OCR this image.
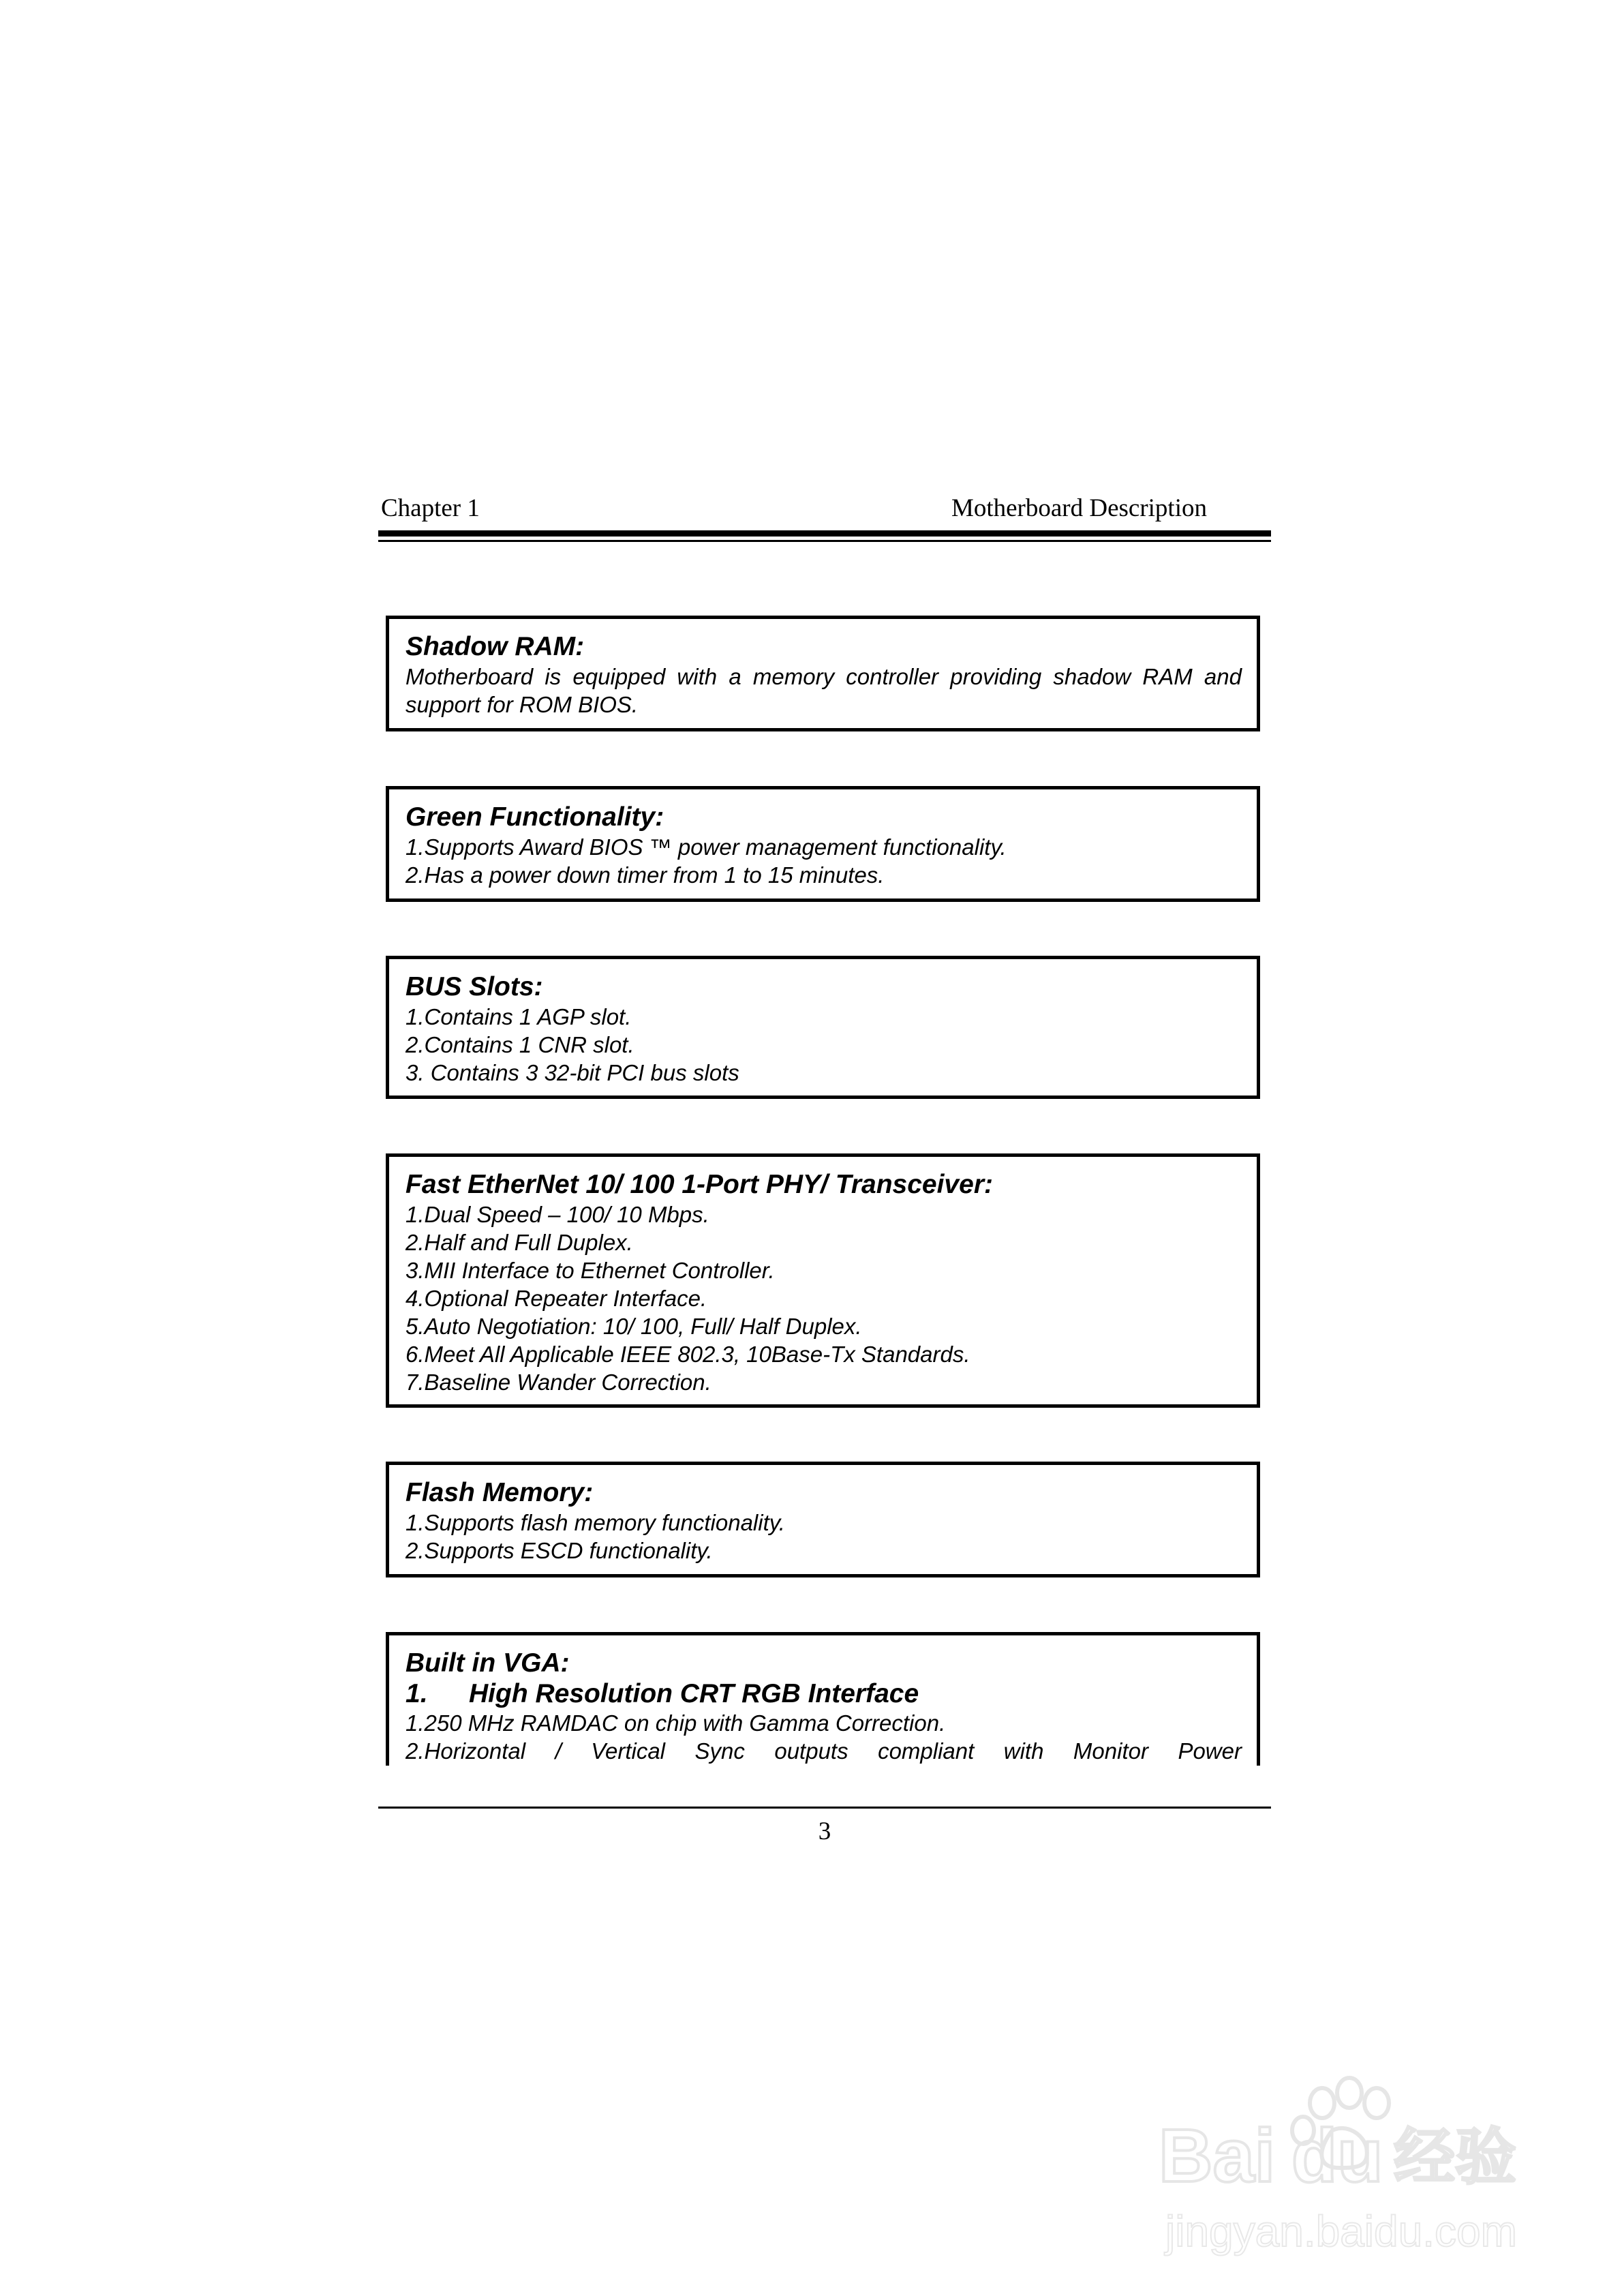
Chapter 1	Motherboard Description
Shadow RAM:
Motherboard is equipped with a memory controller providing shadow RAM and support for ROM BIOS.
Green Functionality:
1.Supports Award BIOS ™ power management functionality.
2.Has a power down timer from 1 to 15 minutes.
BUS Slots:
1.Contains 1 AGP slot.
2.Contains 1 CNR slot.
3. Contains 3 32-bit PCI bus slots
Fast EtherNet 10/ 100 1-Port PHY/ Transceiver:
1.Dual Speed – 100/ 10 Mbps.
2.Half and Full Duplex.
3.MII Interface to Ethernet Controller.
4.Optional Repeater Interface.
5.Auto Negotiation: 10/ 100, Full/ Half Duplex.
6.Meet All Applicable IEEE 802.3, 10Base-Tx Standards.
7.Baseline Wander Correction.
Flash Memory:
1.Supports flash memory functionality.
2.Supports ESCD functionality.
Built in VGA:
1.	High Resolution CRT RGB Interface
1.250 MHz RAMDAC on chip with Gamma Correction.
2.Horizontal / Vertical Sync outputs compliant with Monitor Power
3
Bai du 经验
jingyan.baidu.com
